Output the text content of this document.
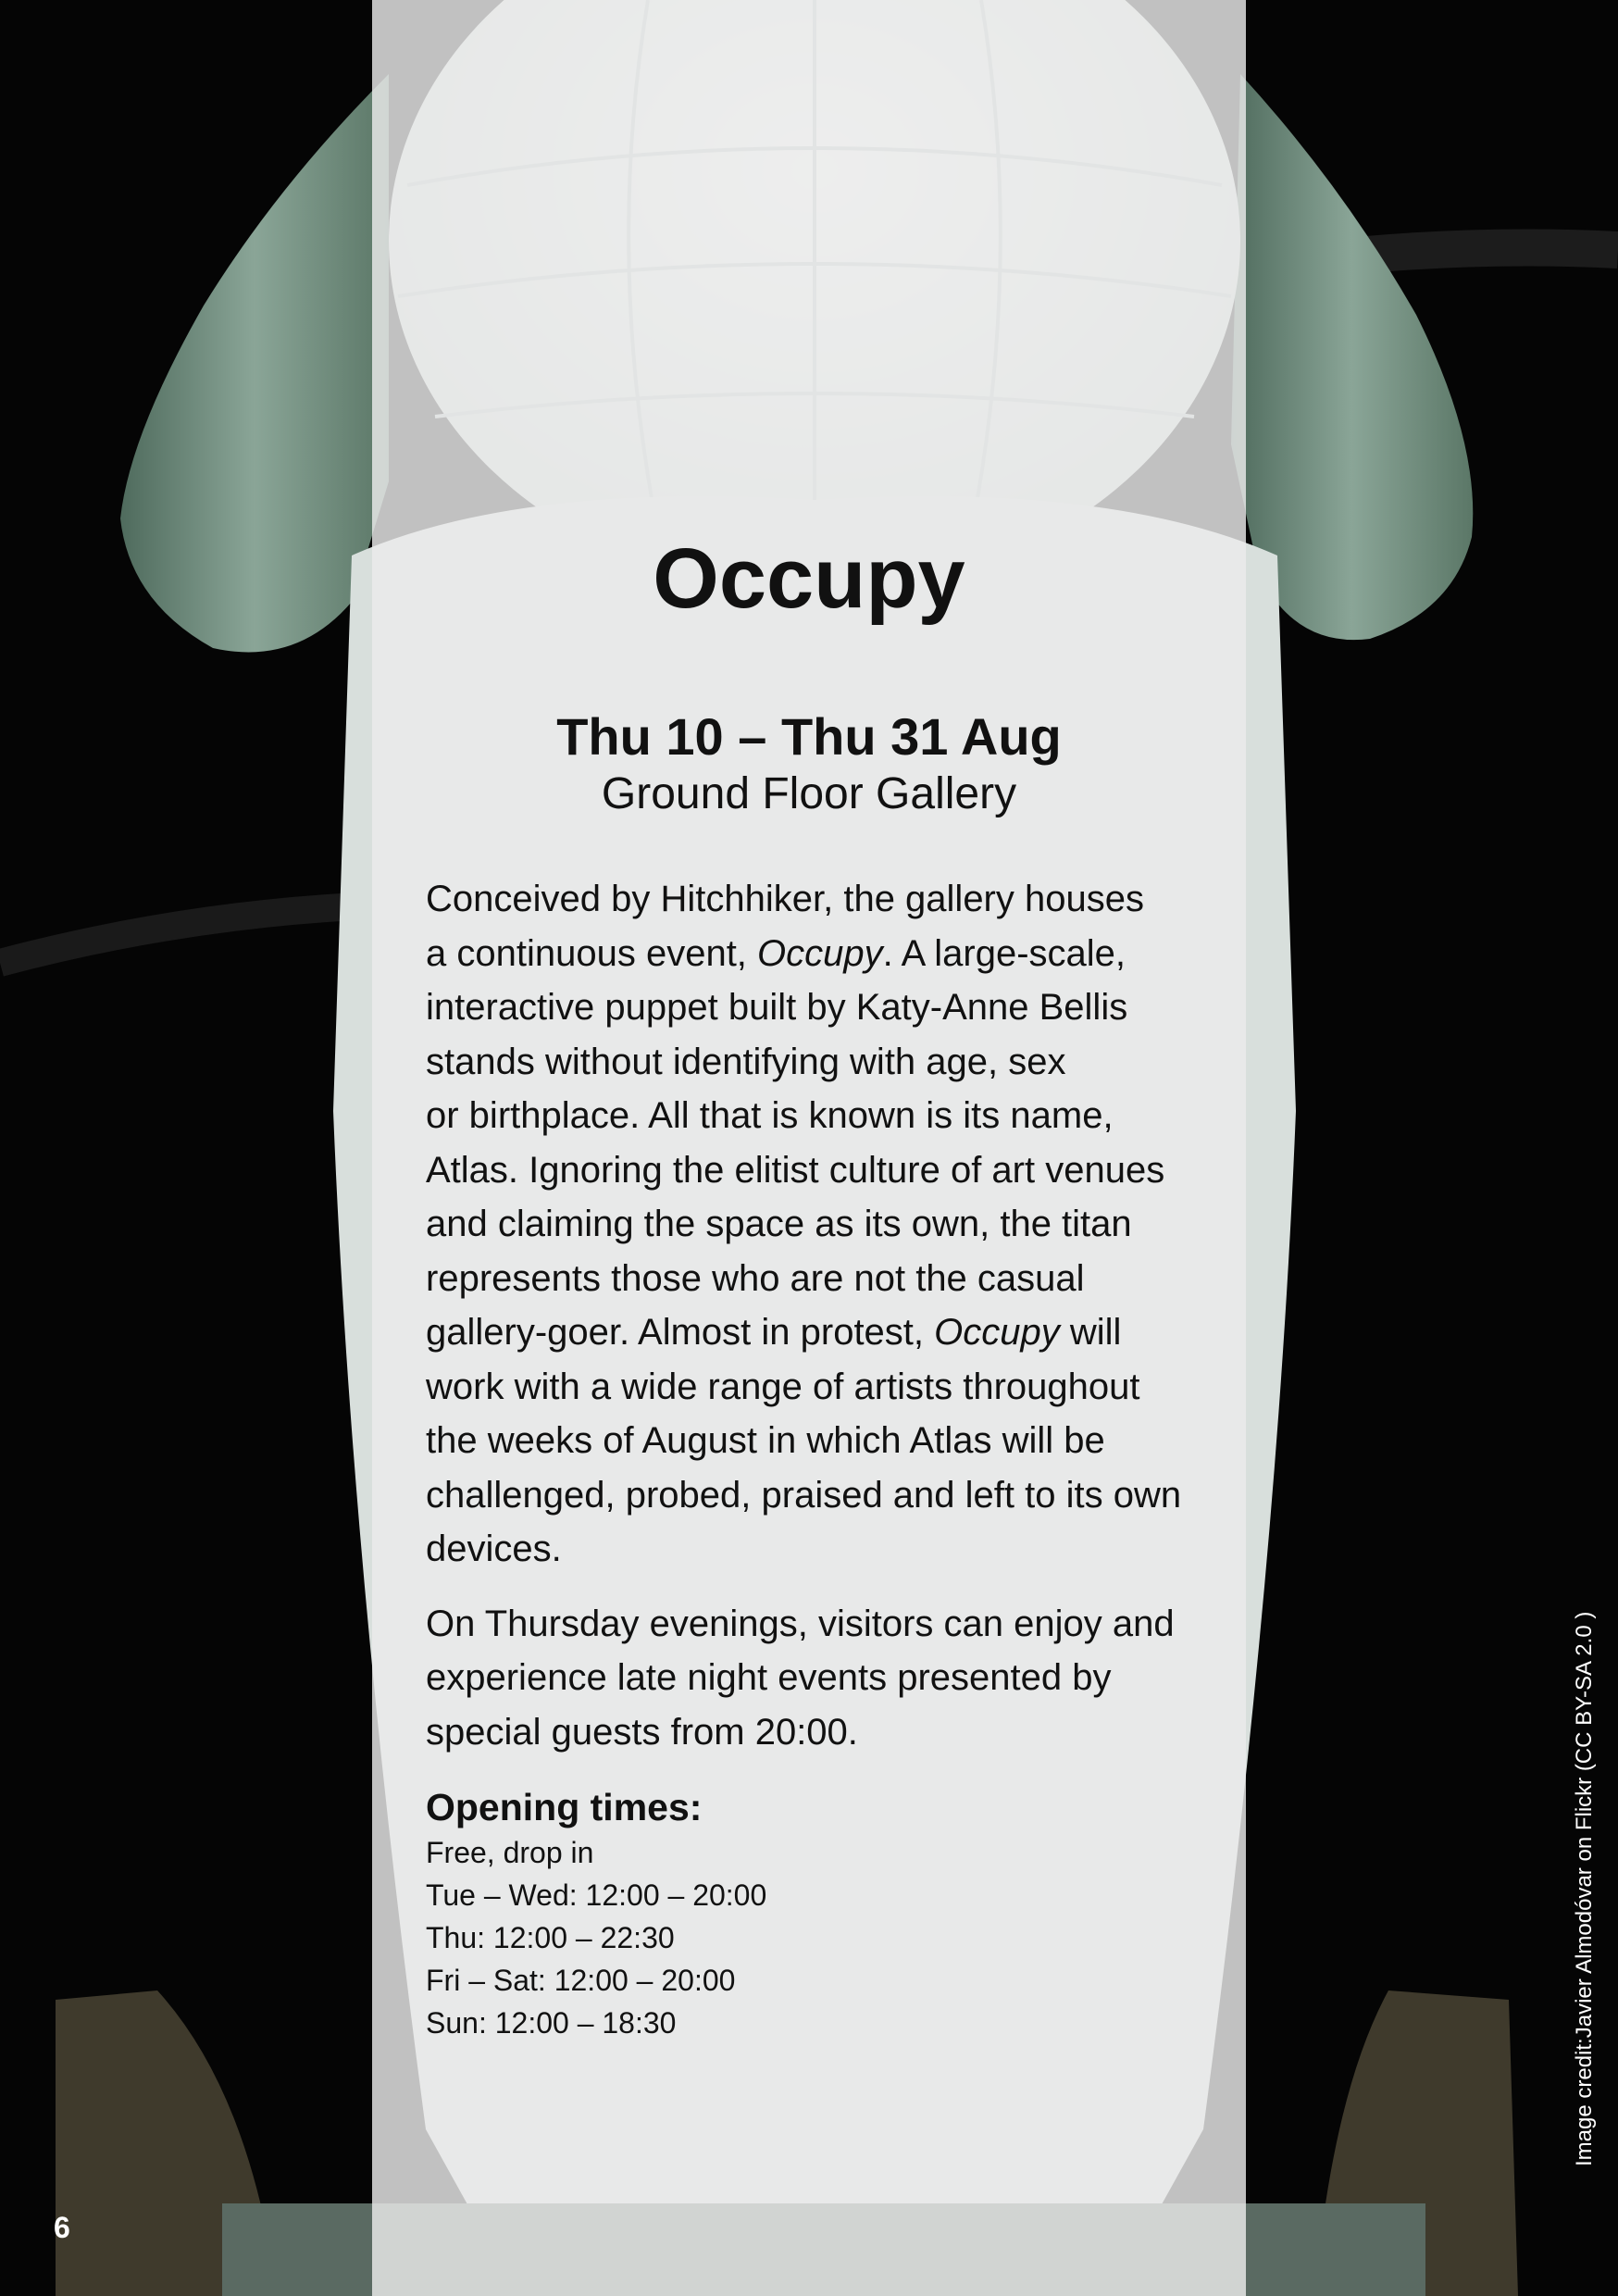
Occupy
Thu 10 – Thu 31 Aug
Ground Floor Gallery

Conceived by Hitchhiker, the gallery houses
a continuous event, Occupy. A large-scale,
interactive puppet built by Katy-Anne Bellis
stands without identifying with age, sex
or birthplace. All that is known is its name,
Atlas. Ignoring the elitist culture of art venues
and claiming the space as its own, the titan
represents those who are not the casual
gallery-goer. Almost in protest, Occupy will
work with a wide range of artists throughout
the weeks of August in which Atlas will be
challenged, probed, praised and left to its own
devices.

On Thursday evenings, visitors can enjoy and
experience late night events presented by
special guests from 20:00.

Opening times:
Free, drop in
Tue – Wed: 12:00 – 20:00
Thu: 12:00 – 22:30
Fri – Sat: 12:00 – 20:00
Sun: 12:00 – 18:30	Image credit:Javier Almodóvar on Flickr (CC BY-SA 2.0 )
6
